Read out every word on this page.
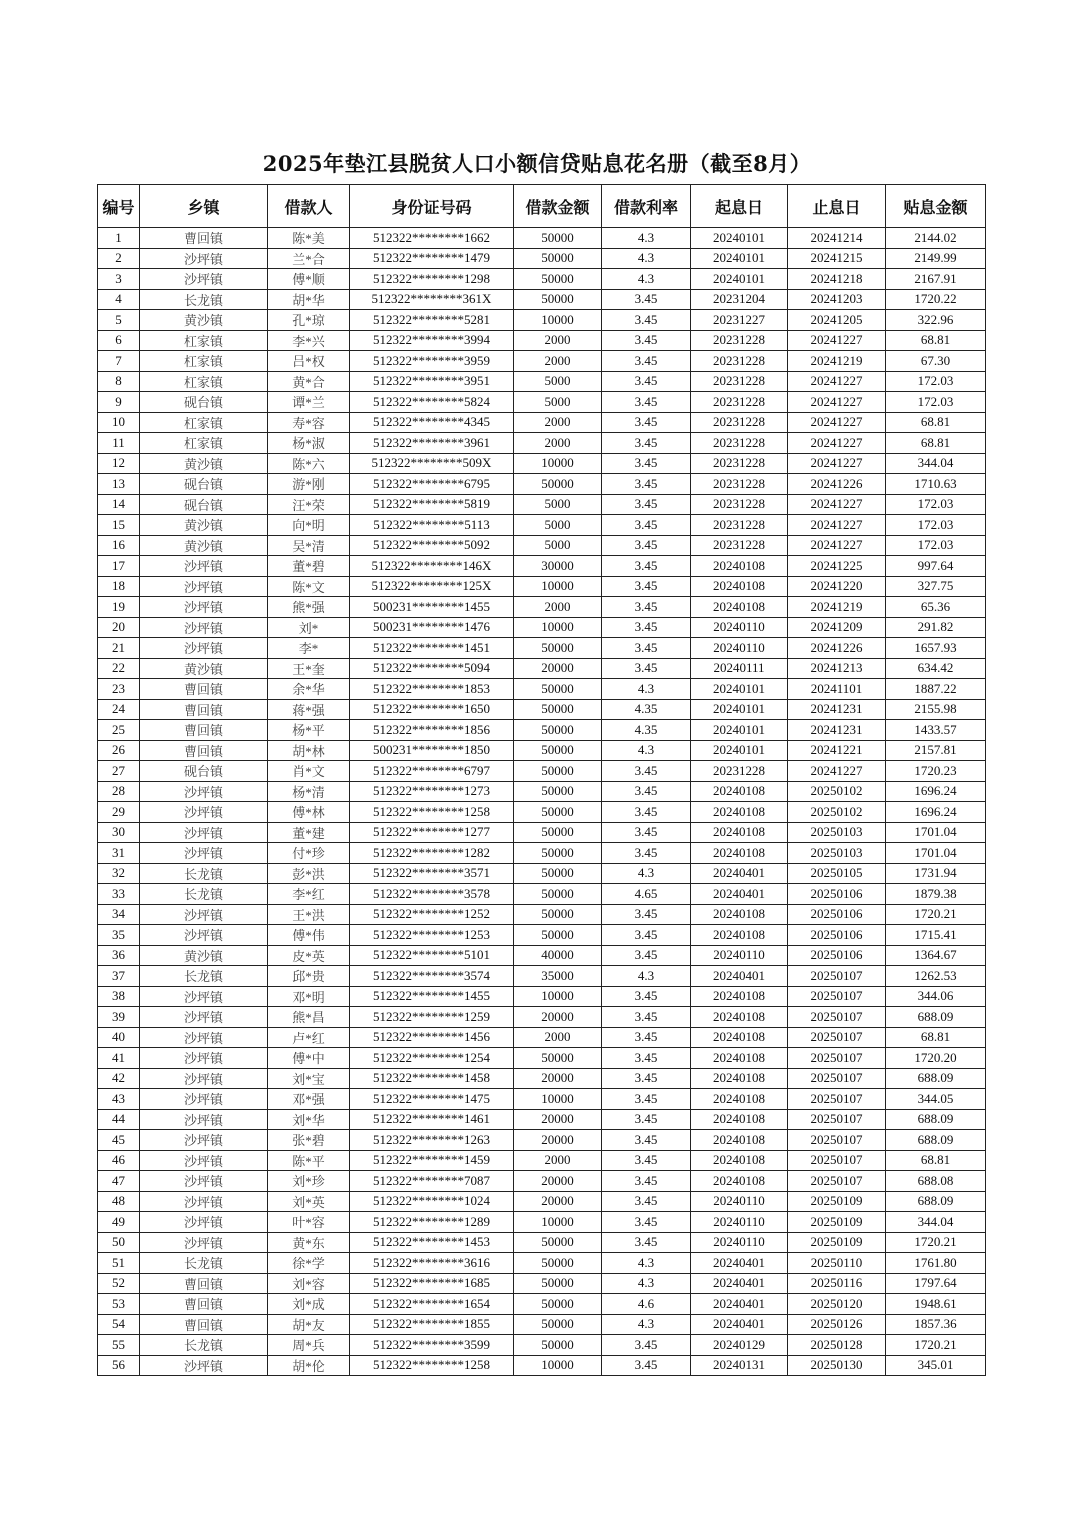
2025年垫江县脱贫人口小额信贷贴息花名册（截至8月）
编号	乡镇	借款人	身份证号码	借款金额	借款利率	起息日	止息日	贴息金额
1	曹回镇	陈*美	512322********1662	50000	4.3	20240101	20241214	2144.02
2	沙坪镇	兰*合	512322********1479	50000	4.3	20240101	20241215	2149.99
3	沙坪镇	傅*顺	512322********1298	50000	4.3	20240101	20241218	2167.91
4	长龙镇	胡*华	512322********361X	50000	3.45	20231204	20241203	1720.22
5	黄沙镇	孔*琼	512322********5281	10000	3.45	20231227	20241205	322.96
6	杠家镇	李*兴	512322********3994	2000	3.45	20231228	20241227	68.81
7	杠家镇	吕*权	512322********3959	2000	3.45	20231228	20241219	67.30
8	杠家镇	黄*合	512322********3951	5000	3.45	20231228	20241227	172.03
9	砚台镇	谭*兰	512322********5824	5000	3.45	20231228	20241227	172.03
10	杠家镇	寿*容	512322********4345	2000	3.45	20231228	20241227	68.81
11	杠家镇	杨*淑	512322********3961	2000	3.45	20231228	20241227	68.81
12	黄沙镇	陈*六	512322********509X	10000	3.45	20231228	20241227	344.04
13	砚台镇	游*刚	512322********6795	50000	3.45	20231228	20241226	1710.63
14	砚台镇	汪*荣	512322********5819	5000	3.45	20231228	20241227	172.03
15	黄沙镇	向*明	512322********5113	5000	3.45	20231228	20241227	172.03
16	黄沙镇	吴*清	512322********5092	5000	3.45	20231228	20241227	172.03
17	沙坪镇	董*碧	512322********146X	30000	3.45	20240108	20241225	997.64
18	沙坪镇	陈*文	512322********125X	10000	3.45	20240108	20241220	327.75
19	沙坪镇	熊*强	500231********1455	2000	3.45	20240108	20241219	65.36
20	沙坪镇	刘*	500231********1476	10000	3.45	20240110	20241209	291.82
21	沙坪镇	李*	512322********1451	50000	3.45	20240110	20241226	1657.93
22	黄沙镇	王*奎	512322********5094	20000	3.45	20240111	20241213	634.42
23	曹回镇	余*华	512322********1853	50000	4.3	20240101	20241101	1887.22
24	曹回镇	蒋*强	512322********1650	50000	4.35	20240101	20241231	2155.98
25	曹回镇	杨*平	512322********1856	50000	4.35	20240101	20241231	1433.57
26	曹回镇	胡*林	500231********1850	50000	4.3	20240101	20241221	2157.81
27	砚台镇	肖*文	512322********6797	50000	3.45	20231228	20241227	1720.23
28	沙坪镇	杨*清	512322********1273	50000	3.45	20240108	20250102	1696.24
29	沙坪镇	傅*林	512322********1258	50000	3.45	20240108	20250102	1696.24
30	沙坪镇	董*建	512322********1277	50000	3.45	20240108	20250103	1701.04
31	沙坪镇	付*珍	512322********1282	50000	3.45	20240108	20250103	1701.04
32	长龙镇	彭*洪	512322********3571	50000	4.3	20240401	20250105	1731.94
33	长龙镇	李*红	512322********3578	50000	4.65	20240401	20250106	1879.38
34	沙坪镇	王*洪	512322********1252	50000	3.45	20240108	20250106	1720.21
35	沙坪镇	傅*伟	512322********1253	50000	3.45	20240108	20250106	1715.41
36	黄沙镇	皮*英	512322********5101	40000	3.45	20240110	20250106	1364.67
37	长龙镇	邱*贵	512322********3574	35000	4.3	20240401	20250107	1262.53
38	沙坪镇	邓*明	512322********1455	10000	3.45	20240108	20250107	344.06
39	沙坪镇	熊*昌	512322********1259	20000	3.45	20240108	20250107	688.09
40	沙坪镇	卢*红	512322********1456	2000	3.45	20240108	20250107	68.81
41	沙坪镇	傅*中	512322********1254	50000	3.45	20240108	20250107	1720.20
42	沙坪镇	刘*宝	512322********1458	20000	3.45	20240108	20250107	688.09
43	沙坪镇	邓*强	512322********1475	10000	3.45	20240108	20250107	344.05
44	沙坪镇	刘*华	512322********1461	20000	3.45	20240108	20250107	688.09
45	沙坪镇	张*碧	512322********1263	20000	3.45	20240108	20250107	688.09
46	沙坪镇	陈*平	512322********1459	2000	3.45	20240108	20250107	68.81
47	沙坪镇	刘*珍	512322********7087	20000	3.45	20240108	20250107	688.08
48	沙坪镇	刘*英	512322********1024	20000	3.45	20240110	20250109	688.09
49	沙坪镇	叶*容	512322********1289	10000	3.45	20240110	20250109	344.04
50	沙坪镇	黄*东	512322********1453	50000	3.45	20240110	20250109	1720.21
51	长龙镇	徐*学	512322********3616	50000	4.3	20240401	20250110	1761.80
52	曹回镇	刘*容	512322********1685	50000	4.3	20240401	20250116	1797.64
53	曹回镇	刘*成	512322********1654	50000	4.6	20240401	20250120	1948.61
54	曹回镇	胡*友	512322********1855	50000	4.3	20240401	20250126	1857.36
55	长龙镇	周*兵	512322********3599	50000	3.45	20240129	20250128	1720.21
56	沙坪镇	胡*伦	512322********1258	10000	3.45	20240131	20250130	345.01
